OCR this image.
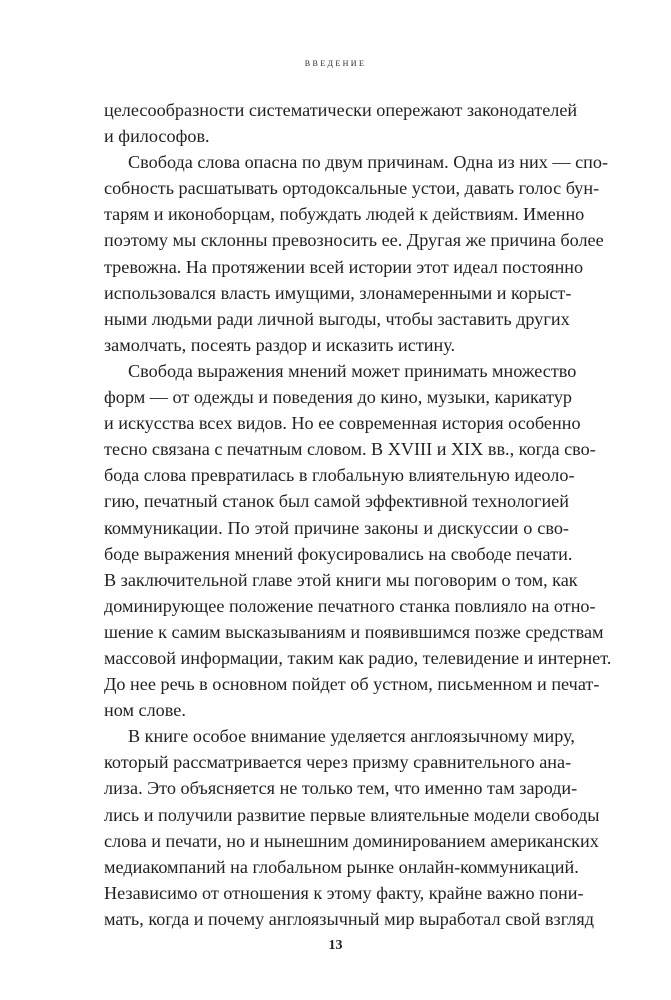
введение
целесообразности систематически опережают законодателей
и философов.
Свобода слова опасна по двум причинам. Одна из них — спо-
собность расшатывать ортодоксальные устои, давать голос бун-
тарям и иконоборцам, побуждать людей к действиям. Именно
поэтому мы склонны превозносить ее. Другая же причина более
тревожна. На протяжении всей истории этот идеал постоянно
использовался власть имущими, злонамеренными и корыст-
ными людьми ради личной выгоды, чтобы заставить других
замолчать, посеять раздор и исказить истину.
Свобода выражения мнений может принимать множество
форм — от одежды и поведения до кино, музыки, карикатур
и искусства всех видов. Но ее современная история особенно
тесно связана с печатным словом. В XVIII и XIX вв., когда сво-
бода слова превратилась в глобальную влиятельную идеоло-
гию, печатный станок был самой эффективной технологией
коммуникации. По этой причине законы и дискуссии о сво-
боде выражения мнений фокусировались на свободе печати.
В заключительной главе этой книги мы поговорим о том, как
доминирующее положение печатного станка повлияло на отно-
шение к самим высказываниям и появившимся позже средствам
массовой информации, таким как радио, телевидение и интернет.
До нее речь в основном пойдет об устном, письменном и печат-
ном слове.
В книге особое внимание уделяется англоязычному миру,
который рассматривается через призму сравнительного ана-
лиза. Это объясняется не только тем, что именно там зароди-
лись и получили развитие первые влиятельные модели свободы
слова и печати, но и нынешним доминированием американских
медиакомпаний на глобальном рынке онлайн-коммуникаций.
Независимо от отношения к этому факту, крайне важно пони-
мать, когда и почему англоязычный мир выработал свой взгляд
13
